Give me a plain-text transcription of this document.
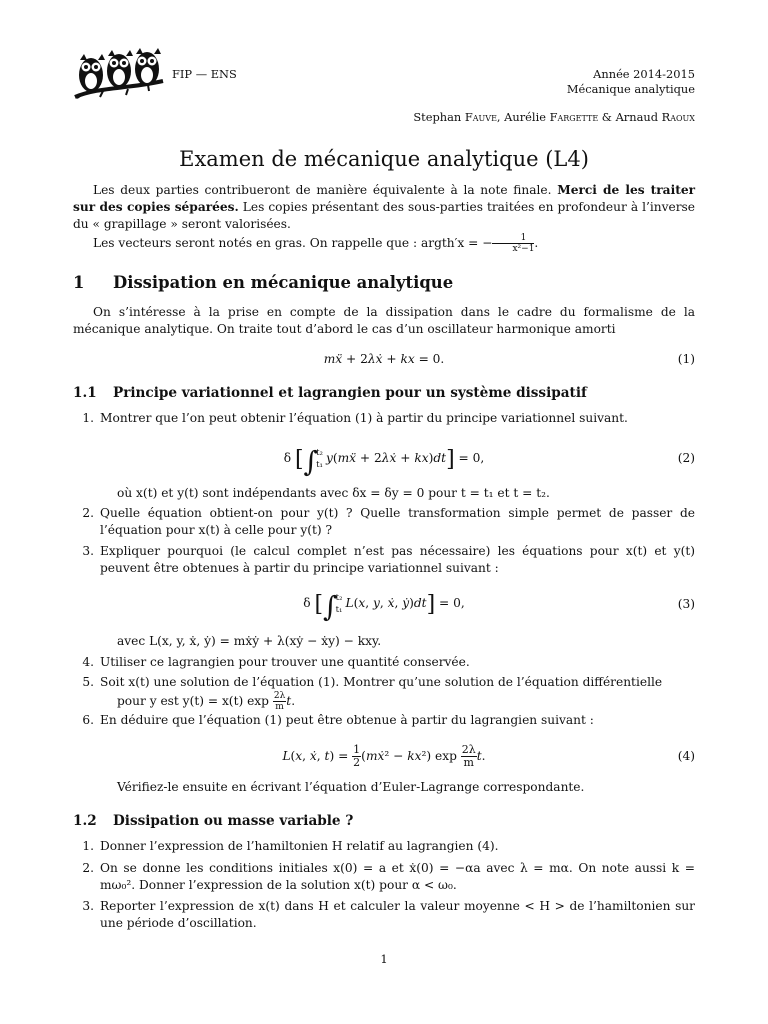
FIP — ENS	Année 2014-2015
Mécanique analytique
Stephan Fauve, Aurélie Fargette & Arnaud Raoux
Examen de mécanique analytique (L4)
Les deux parties contribueront de manière équivalente à la note finale. Merci de les traiter sur des copies séparées. Les copies présentant des sous-parties traitées en profondeur à l’inverse du « grapillage » seront valorisées.
Les vecteurs seront notés en gras. On rappelle que : argth′x = − $\frac{1}{\text{x²−1}}$ .
1 Dissipation en mécanique analytique
On s’intéresse à la prise en compte de la dissipation dans le cadre du formalisme de la mécanique analytique. On traite tout d’abord le cas d’un oscillateur harmonique amorti
mẍ + 2λẋ + kx = 0.	(1)
1.1 Principe variationnel et lagrangien pour un système dissipatif
1. Montrer que l’on peut obtenir l’équation (1) à partir du principe variationnel suivant.
δ [∫t₂
t₁ y(mẍ + 2λẋ + kx)dt] = 0,	(2)
où x(t) et y(t) sont indépendants avec δx = δy = 0 pour t = t₁ et t = t₂.
2. Quelle équation obtient-on pour y(t) ? Quelle transformation simple permet de passer de l’équation pour x(t) à celle pour y(t) ?
3. Expliquer pourquoi (le calcul complet n’est pas nécessaire) les équations pour x(t) et y(t) peuvent être obtenues à partir du principe variationnel suivant :
δ [∫t₂
t₁ L(x, y, ẋ, ẏ)dt] = 0,	(3)
avec L(x, y, ẋ, ẏ) = mẋẏ + λ(xẏ − ẋy) − kxy.
4. Utiliser ce lagrangien pour trouver une quantité conservée.
5. Soit x(t) une solution de l’équation (1). Montrer qu’une solution de l’équation différentielle
pour y est y(t) = x(t) $\exp \frac{2\lambda}{m} t$.
6. En déduire que l’équation (1) peut être obtenue à partir du lagrangien suivant :
L(x, ẋ, $t) = \frac{1}{2}$ (mẋ² − kx²) $\exp \frac{2\lambda}{m} t$.	(4)
Vérifiez-le ensuite en écrivant l’équation d’Euler-Lagrange correspondante.
1.2 Dissipation ou masse variable ?
1. Donner l’expression de l’hamiltonien H relatif au lagrangien (4).
2. On se donne les conditions initiales x(0) = a et ẋ(0) = −αa avec λ = mα. On note aussi k = mω₀². Donner l’expression de la solution x(t) pour α < ω₀.
3. Reporter l’expression de x(t) dans H et calculer la valeur moyenne < H > de l’hamiltonien sur une période d’oscillation.
1
